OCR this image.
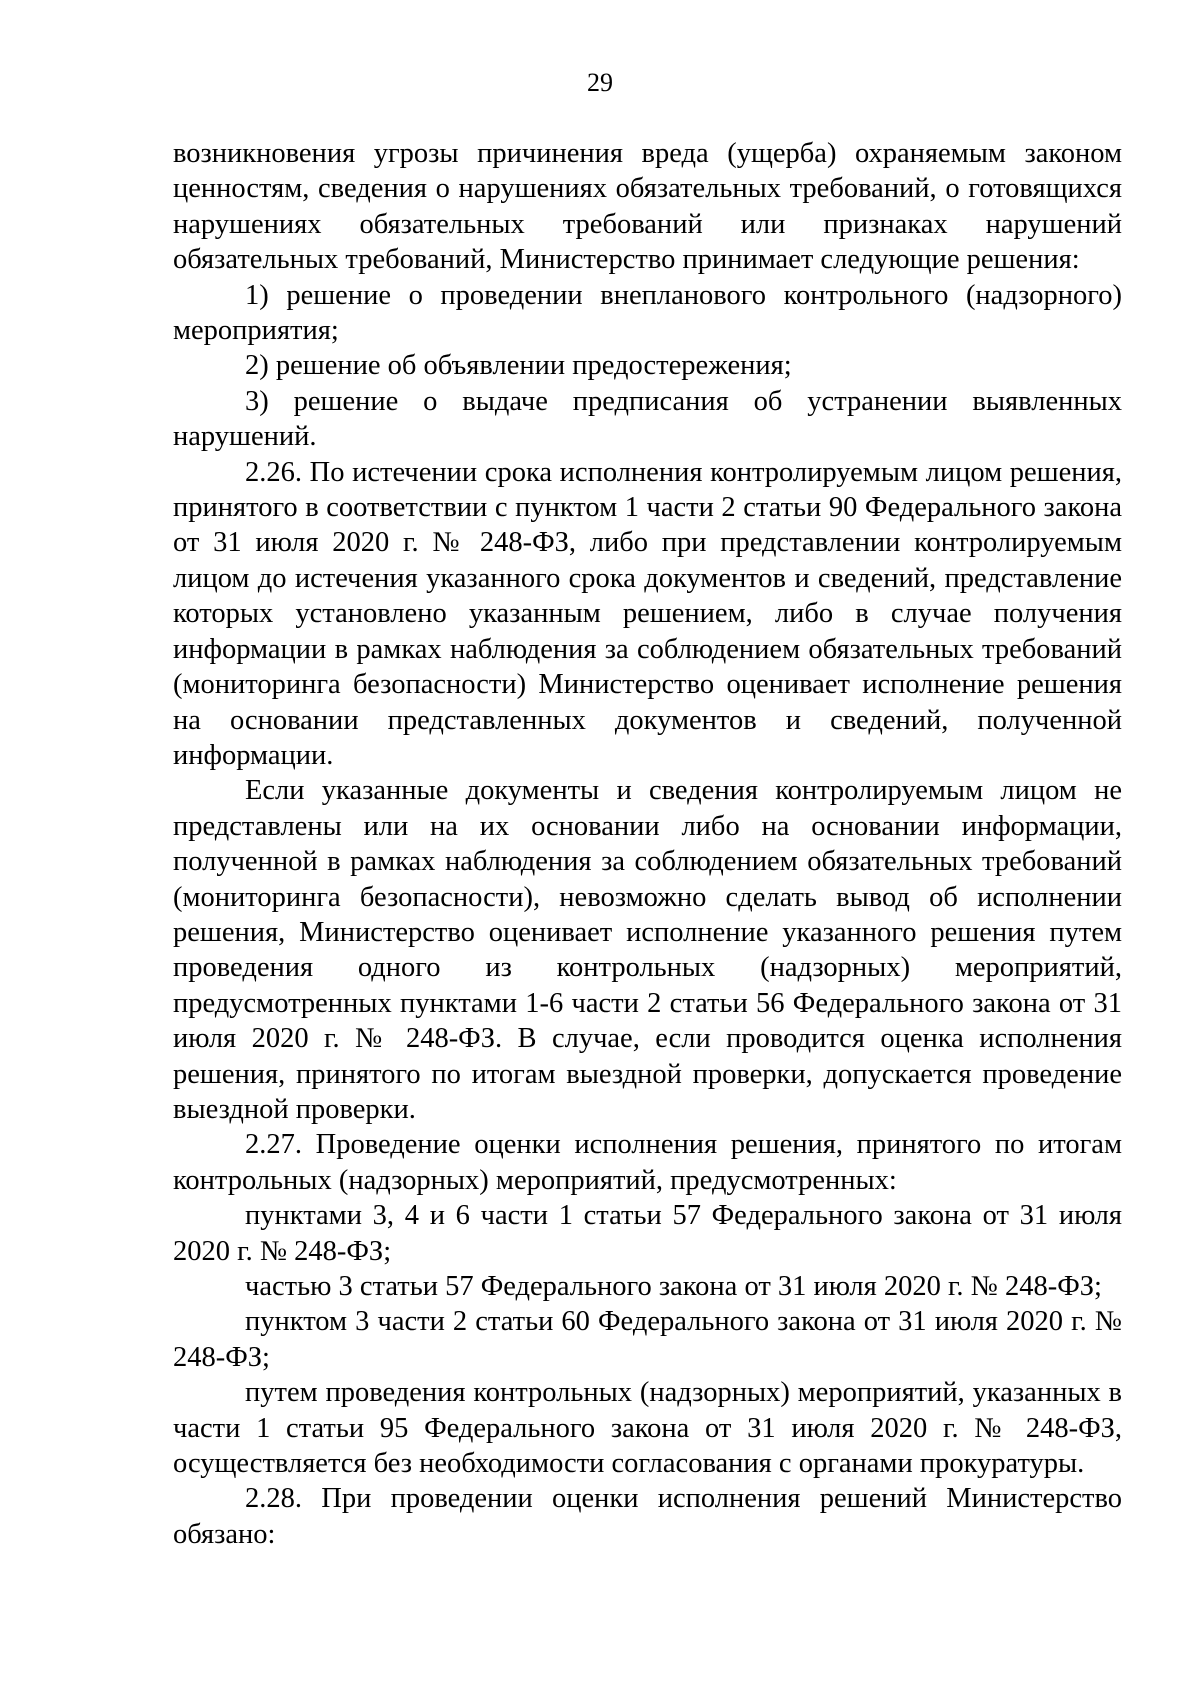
29

возникновения угрозы причинения вреда (ущерба) охраняемым законом ценностям, сведения о нарушениях обязательных требований, о готовящихся нарушениях обязательных требований или признаках нарушений обязательных требований, Министерство принимает следующие решения:

1) решение о проведении внепланового контрольного (надзорного) мероприятия;

2) решение об объявлении предостережения;

3) решение о выдаче предписания об устранении выявленных нарушений.

2.26. По истечении срока исполнения контролируемым лицом решения, принятого в соответствии с пунктом 1 части 2 статьи 90 Федерального закона от 31 июля 2020 г. № 248-ФЗ, либо при представлении контролируемым лицом до истечения указанного срока документов и сведений, представление которых установлено указанным решением, либо в случае получения информации в рамках наблюдения за соблюдением обязательных требований (мониторинга безопасности) Министерство оценивает исполнение решения на основании представленных документов и сведений, полученной информации.

Если указанные документы и сведения контролируемым лицом не представлены или на их основании либо на основании информации, полученной в рамках наблюдения за соблюдением обязательных требований (мониторинга безопасности), невозможно сделать вывод об исполнении решения, Министерство оценивает исполнение указанного решения путем проведения одного из контрольных (надзорных) мероприятий, предусмотренных пунктами 1-6 части 2 статьи 56 Федерального закона от 31 июля 2020 г. № 248-ФЗ. В случае, если проводится оценка исполнения решения, принятого по итогам выездной проверки, допускается проведение выездной проверки.

2.27. Проведение оценки исполнения решения, принятого по итогам контрольных (надзорных) мероприятий, предусмотренных:

пунктами 3, 4 и 6 части 1 статьи 57 Федерального закона от 31 июля 2020 г. № 248-ФЗ;

частью 3 статьи 57 Федерального закона от 31 июля 2020 г. № 248-ФЗ;

пунктом 3 части 2 статьи 60 Федерального закона от 31 июля 2020 г. № 248-ФЗ;

путем проведения контрольных (надзорных) мероприятий, указанных в части 1 статьи 95 Федерального закона от 31 июля 2020 г. № 248-ФЗ, осуществляется без необходимости согласования с органами прокуратуры.

2.28. При проведении оценки исполнения решений Министерство обязано:
